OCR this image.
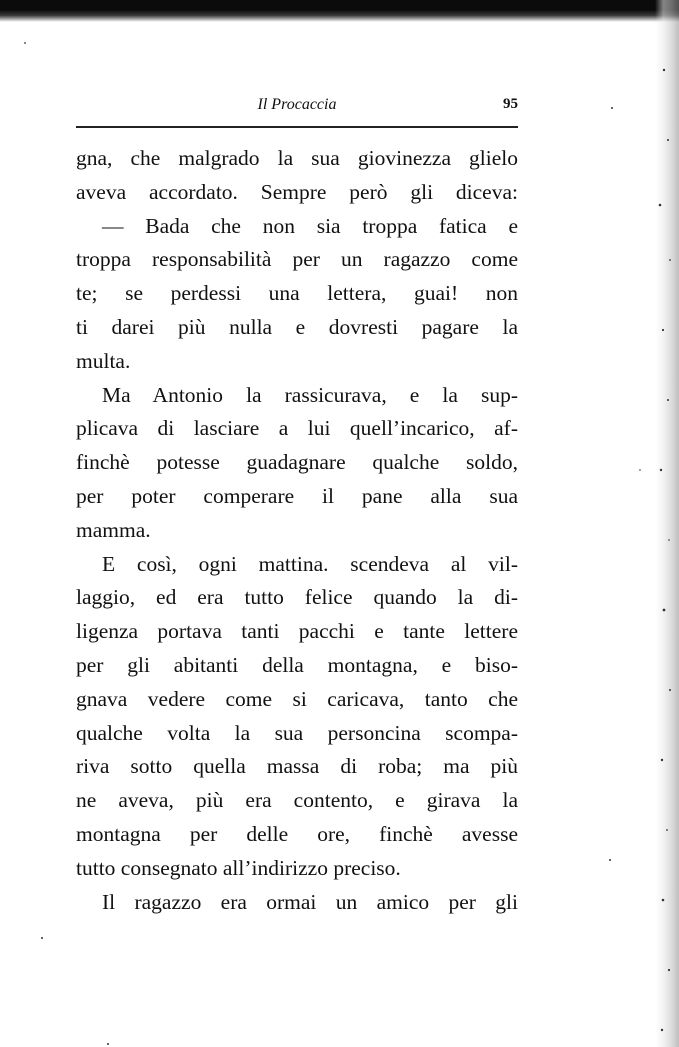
Il Procaccia	95
gna, che malgrado la sua giovinezza glielo
aveva accordato. Sempre però gli diceva:
— Bada che non sia troppa fatica e
troppa responsabilità per un ragazzo come
te; se perdessi una lettera, guai! non
ti darei più nulla e dovresti pagare la
multa.
Ma Antonio la rassicurava, e la sup-
plicava di lasciare a lui quell’incarico, af-
finchè potesse guadagnare qualche soldo,
per poter comperare il pane alla sua
mamma.
E così, ogni mattina. scendeva al vil-
laggio, ed era tutto felice quando la di-
ligenza portava tanti pacchi e tante lettere
per gli abitanti della montagna, e biso-
gnava vedere come si caricava, tanto che
qualche volta la sua personcina scompa-
riva sotto quella massa di roba; ma più
ne aveva, più era contento, e girava la
montagna per delle ore, finchè avesse
tutto consegnato all’indirizzo preciso.
Il ragazzo era ormai un amico per gli
